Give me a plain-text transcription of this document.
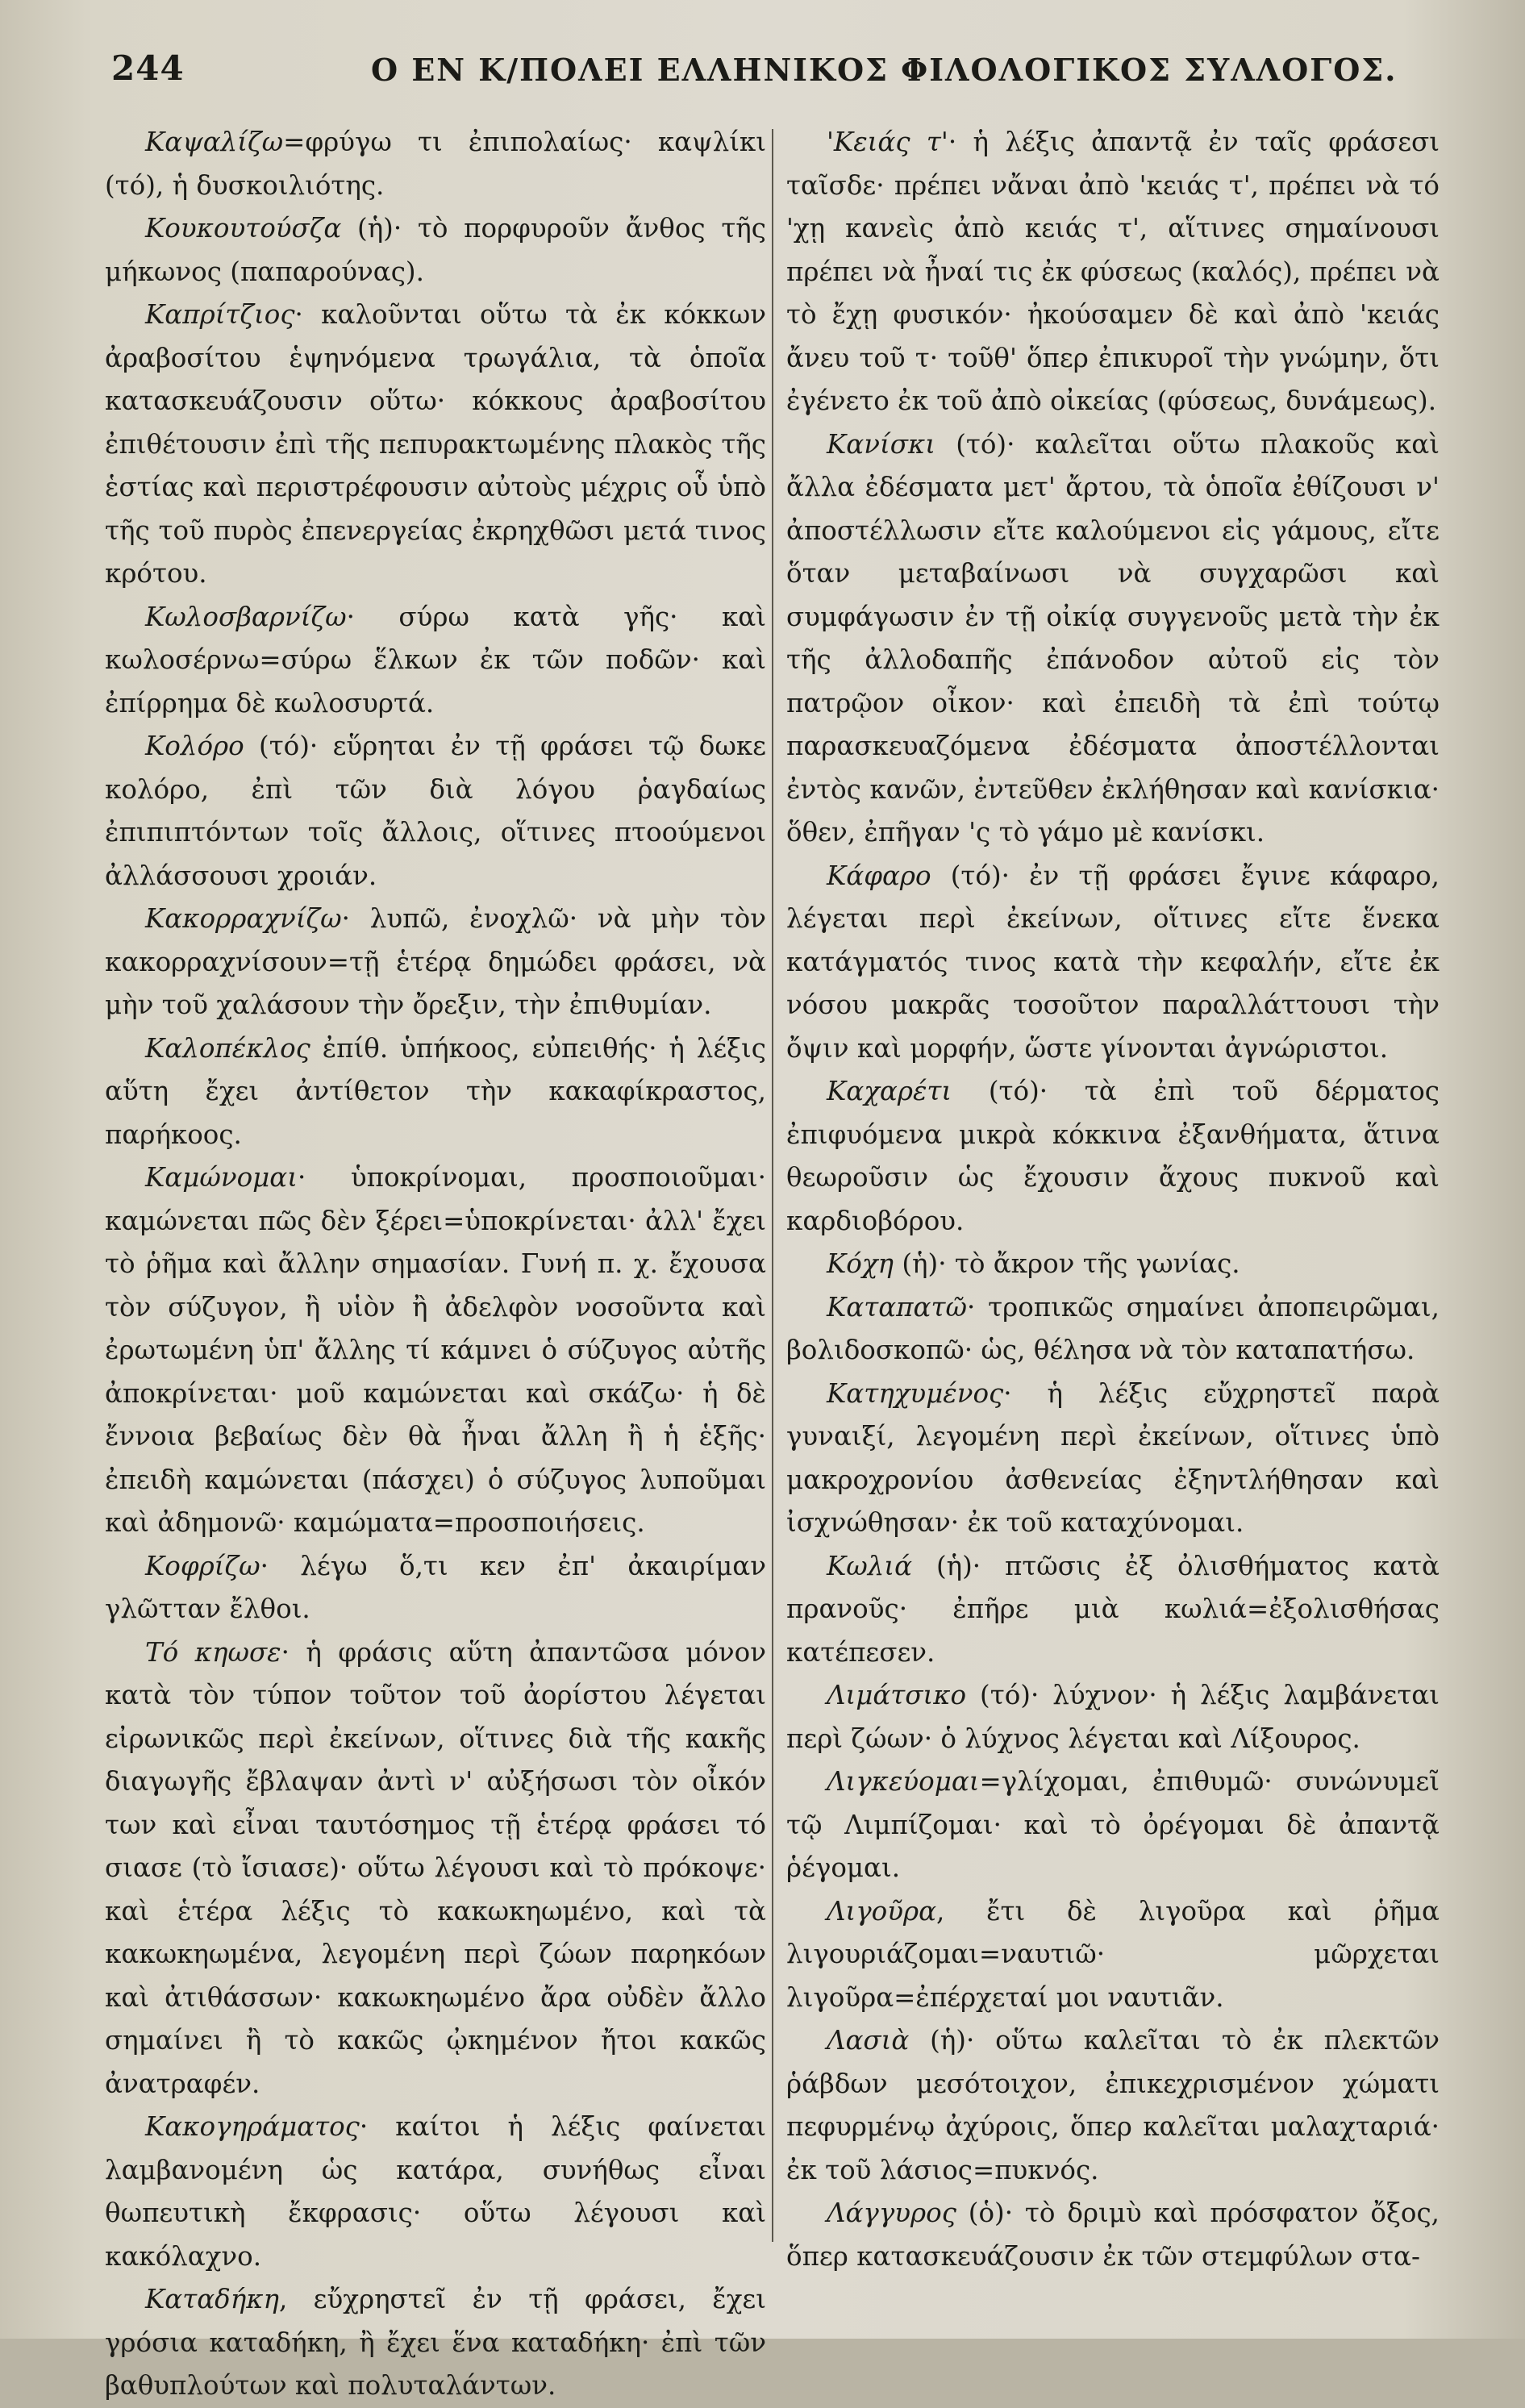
244	Ο ΕΝ Κ/ΠΟΛΕΙ ΕΛΛΗΝΙΚΟΣ ΦΙΛΟΛΟΓΙΚΟΣ ΣΥΛΛΟΓΟΣ.

Καψαλίζω=φρύγω τι ἐπιπολαίως· καψλίκι (τό), ἡ δυσκοιλιότης.

Κουκουτούσζα (ἡ)· τὸ πορφυροῦν ἄνθος τῆς μήκωνος (παπαρούνας).

Καπρίτζιος· καλοῦνται οὕτω τὰ ἐκ κόκκων ἀραβοσίτου ἑψηνόμενα τρωγάλια, τὰ ὁποῖα κατασκευάζουσιν οὕτω· κόκκους ἀραβοσίτου ἐπιθέτουσιν ἐπὶ τῆς πεπυρακτωμένης πλακὸς τῆς ἑστίας καὶ περιστρέφουσιν αὐτοὺς μέχρις οὗ ὑπὸ τῆς τοῦ πυρὸς ἐπενεργείας ἐκρηχθῶσι μετά τινος κρότου.

Κωλοσβαρνίζω· σύρω κατὰ γῆς· καὶ κωλοσέρνω=σύρω ἕλκων ἐκ τῶν ποδῶν· καὶ ἐπίρρημα δὲ κωλοσυρτά.

Κολόρο (τό)· εὕρηται ἐν τῇ φράσει τῷ δωκε κολόρο, ἐπὶ τῶν διὰ λόγου ῥαγδαίως ἐπιπιπτόντων τοῖς ἄλλοις, οἵτινες πτοούμενοι ἀλλάσσουσι χροιάν.

Κακορραχνίζω· λυπῶ, ἐνοχλῶ· νὰ μὴν τὸν κακορραχνίσουν=τῇ ἑτέρᾳ δημώδει φράσει, νὰ μὴν τοῦ χαλάσουν τὴν ὄρεξιν, τὴν ἐπιθυμίαν.

Καλοπέκλος ἐπίθ. ὑπήκοος, εὐπειθής· ἡ λέξις αὕτη ἔχει ἀντίθετον τὴν κακαφίκραστος, παρήκοος.

Καμώνομαι· ὑποκρίνομαι, προσποιοῦμαι· καμώνεται πῶς δὲν ξέρει=ὑποκρίνεται· ἀλλ' ἔχει τὸ ῥῆμα καὶ ἄλλην σημασίαν. Γυνή π. χ. ἔχουσα τὸν σύζυγον, ἢ υἱὸν ἢ ἀδελφὸν νοσοῦντα καὶ ἐρωτωμένη ὑπ' ἄλλης τί κάμνει ὁ σύζυγος αὐτῆς ἀποκρίνεται· μοῦ καμώνεται καὶ σκάζω· ἡ δὲ ἔννοια βεβαίως δὲν θὰ ἦναι ἄλλη ἢ ἡ ἑξῆς· ἐπειδὴ καμώνεται (πάσχει) ὁ σύζυγος λυποῦμαι καὶ ἀδημονῶ· καμώματα=προσποιήσεις.

Κοφρίζω· λέγω ὅ,τι κεν ἐπ' ἀκαιρίμαν γλῶτταν ἔλθοι.

Τό κηωσε· ἡ φράσις αὕτη ἀπαντῶσα μόνον κατὰ τὸν τύπον τοῦτον τοῦ ἀορίστου λέγεται εἰρωνικῶς περὶ ἐκείνων, οἵτινες διὰ τῆς κακῆς διαγωγῆς ἔβλαψαν ἀντὶ ν' αὐξήσωσι τὸν οἶκόν των καὶ εἶναι ταυτόσημος τῇ ἑτέρᾳ φράσει τό σιασε (τὸ ἴσιασε)· οὕτω λέγουσι καὶ τὸ πρόκοψε· καὶ ἑτέρα λέξις τὸ κακωκηωμένο, καὶ τὰ κακωκηωμένα, λεγομένη περὶ ζώων παρηκόων καὶ ἀτιθάσσων· κακωκηωμένο ἄρα οὐδὲν ἄλλο σημαίνει ἢ τὸ κακῶς ᾠκημένον ἤτοι κακῶς ἀνατραφέν.

Κακογηράματος· καίτοι ἡ λέξις φαίνεται λαμβανομένη ὡς κατάρα, συνήθως εἶναι θωπευτικὴ ἔκφρασις· οὕτω λέγουσι καὶ κακόλαχνο.

Καταδήκη, εὔχρηστεῖ ἐν τῇ φράσει, ἔχει γρόσια καταδήκη, ἢ ἔχει ἕνα καταδήκη· ἐπὶ τῶν βαθυπλούτων καὶ πολυταλάντων.

'Κειάς τ'· ἡ λέξις ἀπαντᾷ ἐν ταῖς φράσεσι ταῖσδε· πρέπει νἄναι ἀπὸ 'κειάς τ', πρέπει νὰ τό 'χῃ κανεὶς ἀπὸ κειάς τ', αἵτινες σημαίνουσι πρέπει νὰ ἦναί τις ἐκ φύσεως (καλός), πρέπει νὰ τὸ ἔχῃ φυσικόν· ἠκούσαμεν δὲ καὶ ἀπὸ 'κειάς ἄνευ τοῦ τ· τοῦθ' ὅπερ ἐπικυροῖ τὴν γνώμην, ὅτι ἐγένετο ἐκ τοῦ ἀπὸ οἰκείας (φύσεως, δυνάμεως).

Κανίσκι (τό)· καλεῖται οὕτω πλακοῦς καὶ ἄλλα ἐδέσματα μετ' ἄρτου, τὰ ὁποῖα ἐθίζουσι ν' ἀποστέλλωσιν εἴτε καλούμενοι εἰς γάμους, εἴτε ὅταν μεταβαίνωσι νὰ συγχαρῶσι καὶ συμφάγωσιν ἐν τῇ οἰκίᾳ συγγενοῦς μετὰ τὴν ἐκ τῆς ἀλλοδαπῆς ἐπάνοδον αὐτοῦ εἰς τὸν πατρῷον οἶκον· καὶ ἐπειδὴ τὰ ἐπὶ τούτῳ παρασκευαζόμενα ἐδέσματα ἀποστέλλονται ἐντὸς κανῶν, ἐντεῦθεν ἐκλήθησαν καὶ κανίσκια· ὅθεν, ἐπῆγαν 'ς τὸ γάμο μὲ κανίσκι.

Κάφαρο (τό)· ἐν τῇ φράσει ἔγινε κάφαρο, λέγεται περὶ ἐκείνων, οἵτινες εἴτε ἕνεκα κατάγματός τινος κατὰ τὴν κεφαλήν, εἴτε ἐκ νόσου μακρᾶς τοσοῦτον παραλλάττουσι τὴν ὄψιν καὶ μορφήν, ὥστε γίνονται ἀγνώριστοι.

Καχαρέτι (τό)· τὰ ἐπὶ τοῦ δέρματος ἐπιφυόμενα μικρὰ κόκκινα ἐξανθήματα, ἅτινα θεωροῦσιν ὡς ἔχουσιν ἄχους πυκνοῦ καὶ καρδιοβόρου.

Κόχη (ἡ)· τὸ ἄκρον τῆς γωνίας.

Καταπατῶ· τροπικῶς σημαίνει ἀποπειρῶμαι, βολιδοσκοπῶ· ὡς, θέλησα νὰ τὸν καταπατήσω.

Κατηχυμένος· ἡ λέξις εὔχρηστεῖ παρὰ γυναιξί, λεγομένη περὶ ἐκείνων, οἵτινες ὑπὸ μακροχρονίου ἀσθενείας ἐξηντλήθησαν καὶ ἰσχνώθησαν· ἐκ τοῦ καταχύνομαι.

Κωλιά (ἡ)· πτῶσις ἐξ ὀλισθήματος κατὰ πρανοῦς· ἐπῆρε μιὰ κωλιά=ἐξολισθήσας κατέπεσεν.

Λιμάτσικο (τό)· λύχνον· ἡ λέξις λαμβάνεται περὶ ζώων· ὁ λύχνος λέγεται καὶ Λίξουρος.

Λιγκεύομαι=γλίχομαι, ἐπιθυμῶ· συνώνυμεῖ τῷ Λιμπίζομαι· καὶ τὸ ὀρέγομαι δὲ ἀπαντᾷ ῥέγομαι.

Λιγοῦρα, ἔτι δὲ λιγοῦρα καὶ ῥῆμα λιγουριάζομαι=ναυτιῶ· μῶρχεται λιγοῦρα=ἐπέρχεταί μοι ναυτιᾶν.

Λασιὰ (ἡ)· οὕτω καλεῖται τὸ ἐκ πλεκτῶν ῥάβδων μεσότοιχον, ἐπικεχρισμένον χώματι πεφυρμένῳ ἀχύροις, ὅπερ καλεῖται μαλαχταριά· ἐκ τοῦ λάσιος=πυκνός.

Λάγγυρος (ὁ)· τὸ δριμὺ καὶ πρόσφατον ὄξος, ὅπερ κατασκευάζουσιν ἐκ τῶν στεμφύλων στα-
